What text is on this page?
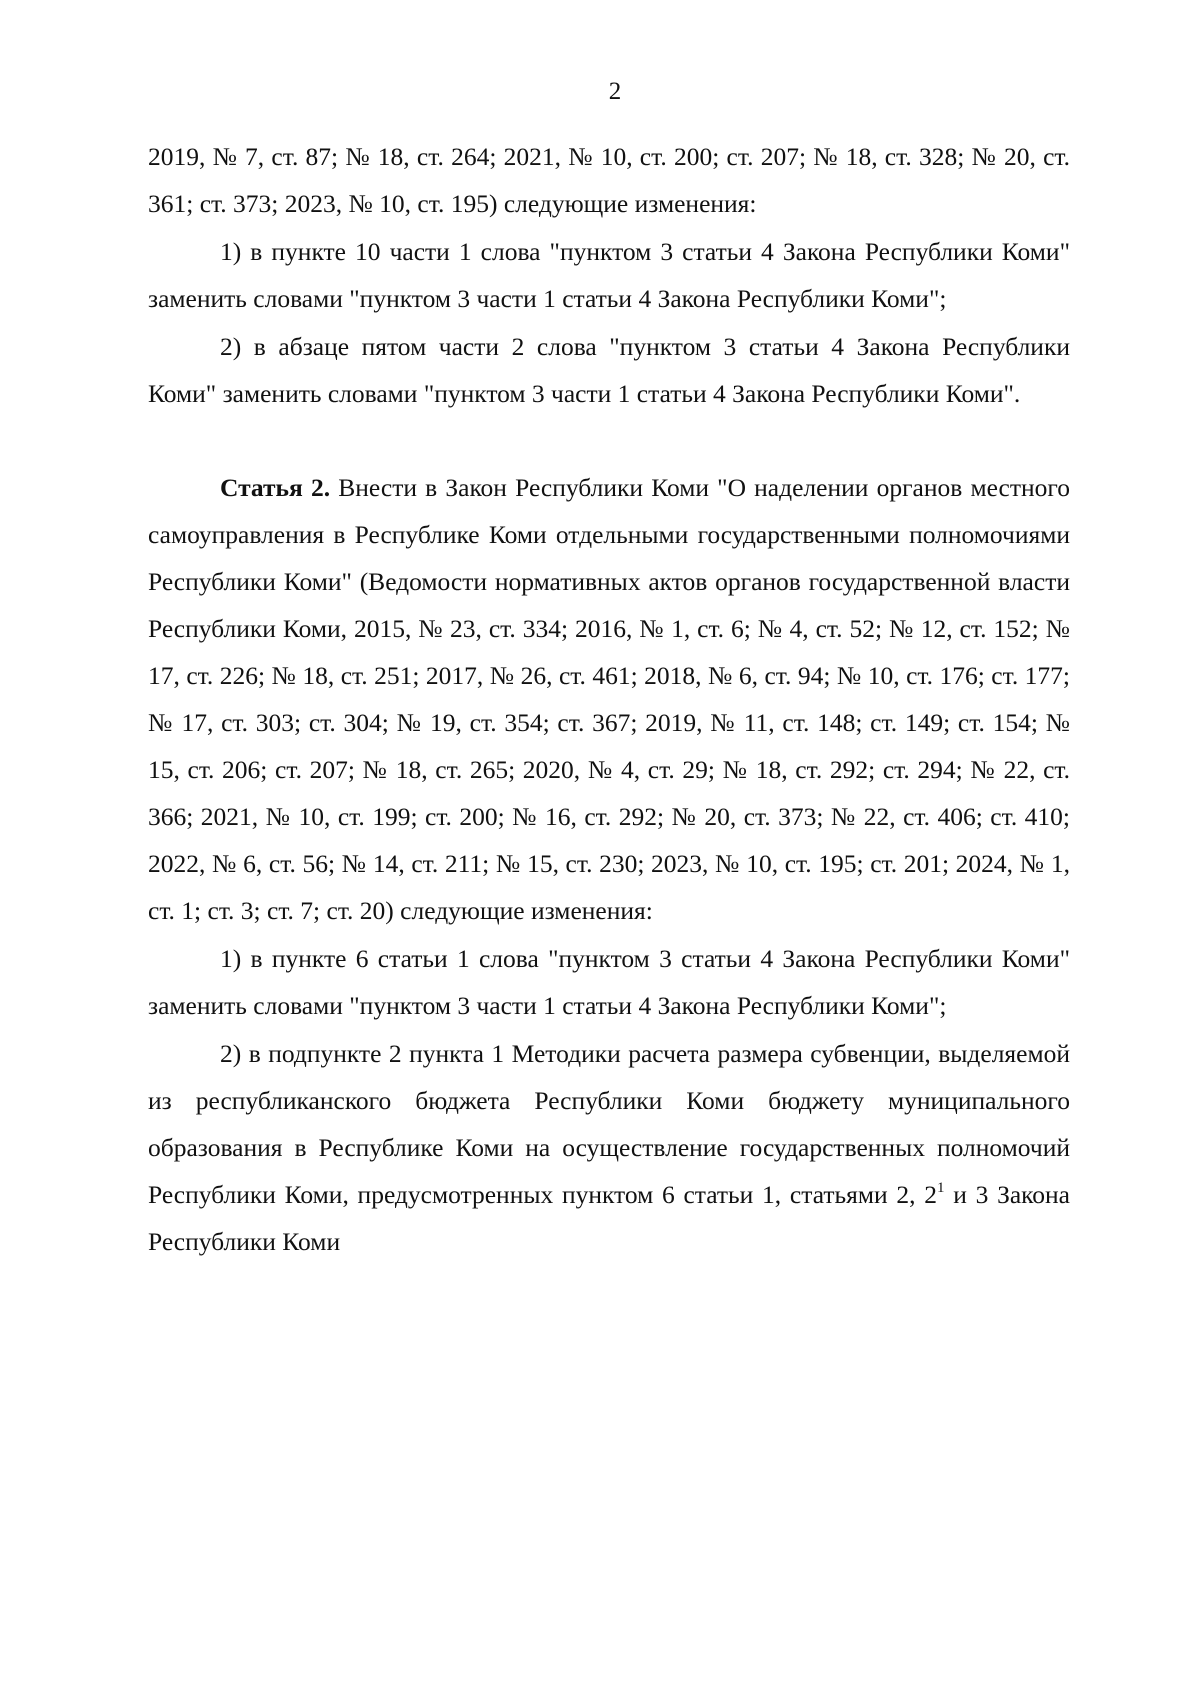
2

2019, № 7, ст. 87; № 18, ст. 264; 2021, № 10, ст. 200; ст. 207; № 18, ст. 328; № 20, ст. 361; ст. 373; 2023, № 10, ст. 195) следующие изменения:

1) в пункте 10 части 1 слова "пунктом 3 статьи 4 Закона Республики Коми" заменить словами "пунктом 3 части 1 статьи 4 Закона Республики Коми";

2) в абзаце пятом части 2 слова "пунктом 3 статьи 4 Закона Республики Коми" заменить словами "пунктом 3 части 1 статьи 4 Закона Республики Коми".

Статья 2. Внести в Закон Республики Коми "О наделении органов местного самоуправления в Республике Коми отдельными государственными полномочиями Республики Коми" (Ведомости нормативных актов органов государственной власти Республики Коми, 2015, № 23, ст. 334; 2016, № 1, ст. 6; № 4, ст. 52; № 12, ст. 152; № 17, ст. 226; № 18, ст. 251; 2017, № 26, ст. 461; 2018, № 6, ст. 94; № 10, ст. 176; ст. 177; № 17, ст. 303; ст. 304; № 19, ст. 354; ст. 367; 2019, № 11, ст. 148; ст. 149; ст. 154; № 15, ст. 206; ст. 207; № 18, ст. 265; 2020, № 4, ст. 29; № 18, ст. 292; ст. 294; № 22, ст. 366; 2021, № 10, ст. 199; ст. 200; № 16, ст. 292; № 20, ст. 373; № 22, ст. 406; ст. 410; 2022, № 6, ст. 56; № 14, ст. 211; № 15, ст. 230; 2023, № 10, ст. 195; ст. 201; 2024, № 1, ст. 1; ст. 3; ст. 7; ст. 20) следующие изменения:

1) в пункте 6 статьи 1 слова "пунктом 3 статьи 4 Закона Республики Коми" заменить словами "пунктом 3 части 1 статьи 4 Закона Республики Коми";

2) в подпункте 2 пункта 1 Методики расчета размера субвенции, выделяемой из республиканского бюджета Республики Коми бюджету муниципального образования в Республике Коми на осуществление государственных полномочий Республики Коми, предусмотренных пунктом 6 статьи 1, статьями 2, $2^1$ и 3 Закона Республики Коми
